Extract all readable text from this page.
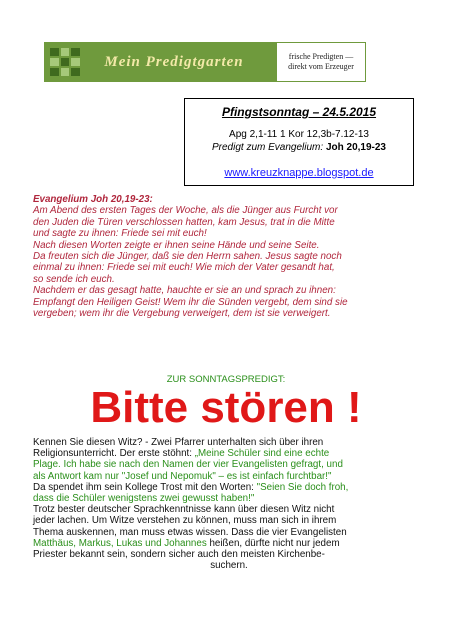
Mein Predigtgarten	frische Predigten —
direkt vom Erzeuger
Pfingstsonntag – 24.5.2015
Apg 2,1-11 1 Kor 12,3b-7.12-13
Predigt zum Evangelium: Joh 20,19-23
www.kreuzknappe.blogspot.de

Evangelium Joh 20,19-23:

Am Abend des ersten Tages der Woche, als die Jünger aus Furcht vor

den Juden die Türen verschlossen hatten, kam Jesus, trat in die Mitte

und sagte zu ihnen: Friede sei mit euch!

Nach diesen Worten zeigte er ihnen seine Hände und seine Seite.

Da freuten sich die Jünger, daß sie den Herrn sahen. Jesus sagte noch

einmal zu ihnen: Friede sei mit euch! Wie mich der Vater gesandt hat,

so sende ich euch.

Nachdem er das gesagt hatte, hauchte er sie an und sprach zu ihnen:

Empfangt den Heiligen Geist! Wem ihr die Sünden vergebt, dem sind sie

vergeben; wem ihr die Vergebung verweigert, dem ist sie verweigert.

ZUR SONNTAGSPREDIGT:
Bitte stören !

Kennen Sie diesen Witz? - Zwei Pfarrer unterhalten sich über ihren

Religionsunterricht. Der erste stöhnt: „Meine Schüler sind eine echte

Plage. Ich habe sie nach den Namen der vier Evangelisten gefragt, und

als Antwort kam nur "Josef und Nepomuk" – es ist einfach furchtbar!"

Da spendet ihm sein Kollege Trost mit den Worten: "Seien Sie doch froh,

dass die Schüler wenigstens zwei gewusst haben!"

Trotz bester deutscher Sprachkenntnisse kann über diesen Witz nicht

jeder lachen. Um Witze verstehen zu können, muss man sich in ihrem

Thema auskennen, man muss etwas wissen. Dass die vier Evangelisten

Matthäus, Markus, Lukas und Johannes heißen, dürfte nicht nur jedem

Priester bekannt sein, sondern sicher auch den meisten Kirchenbe-

suchern.
